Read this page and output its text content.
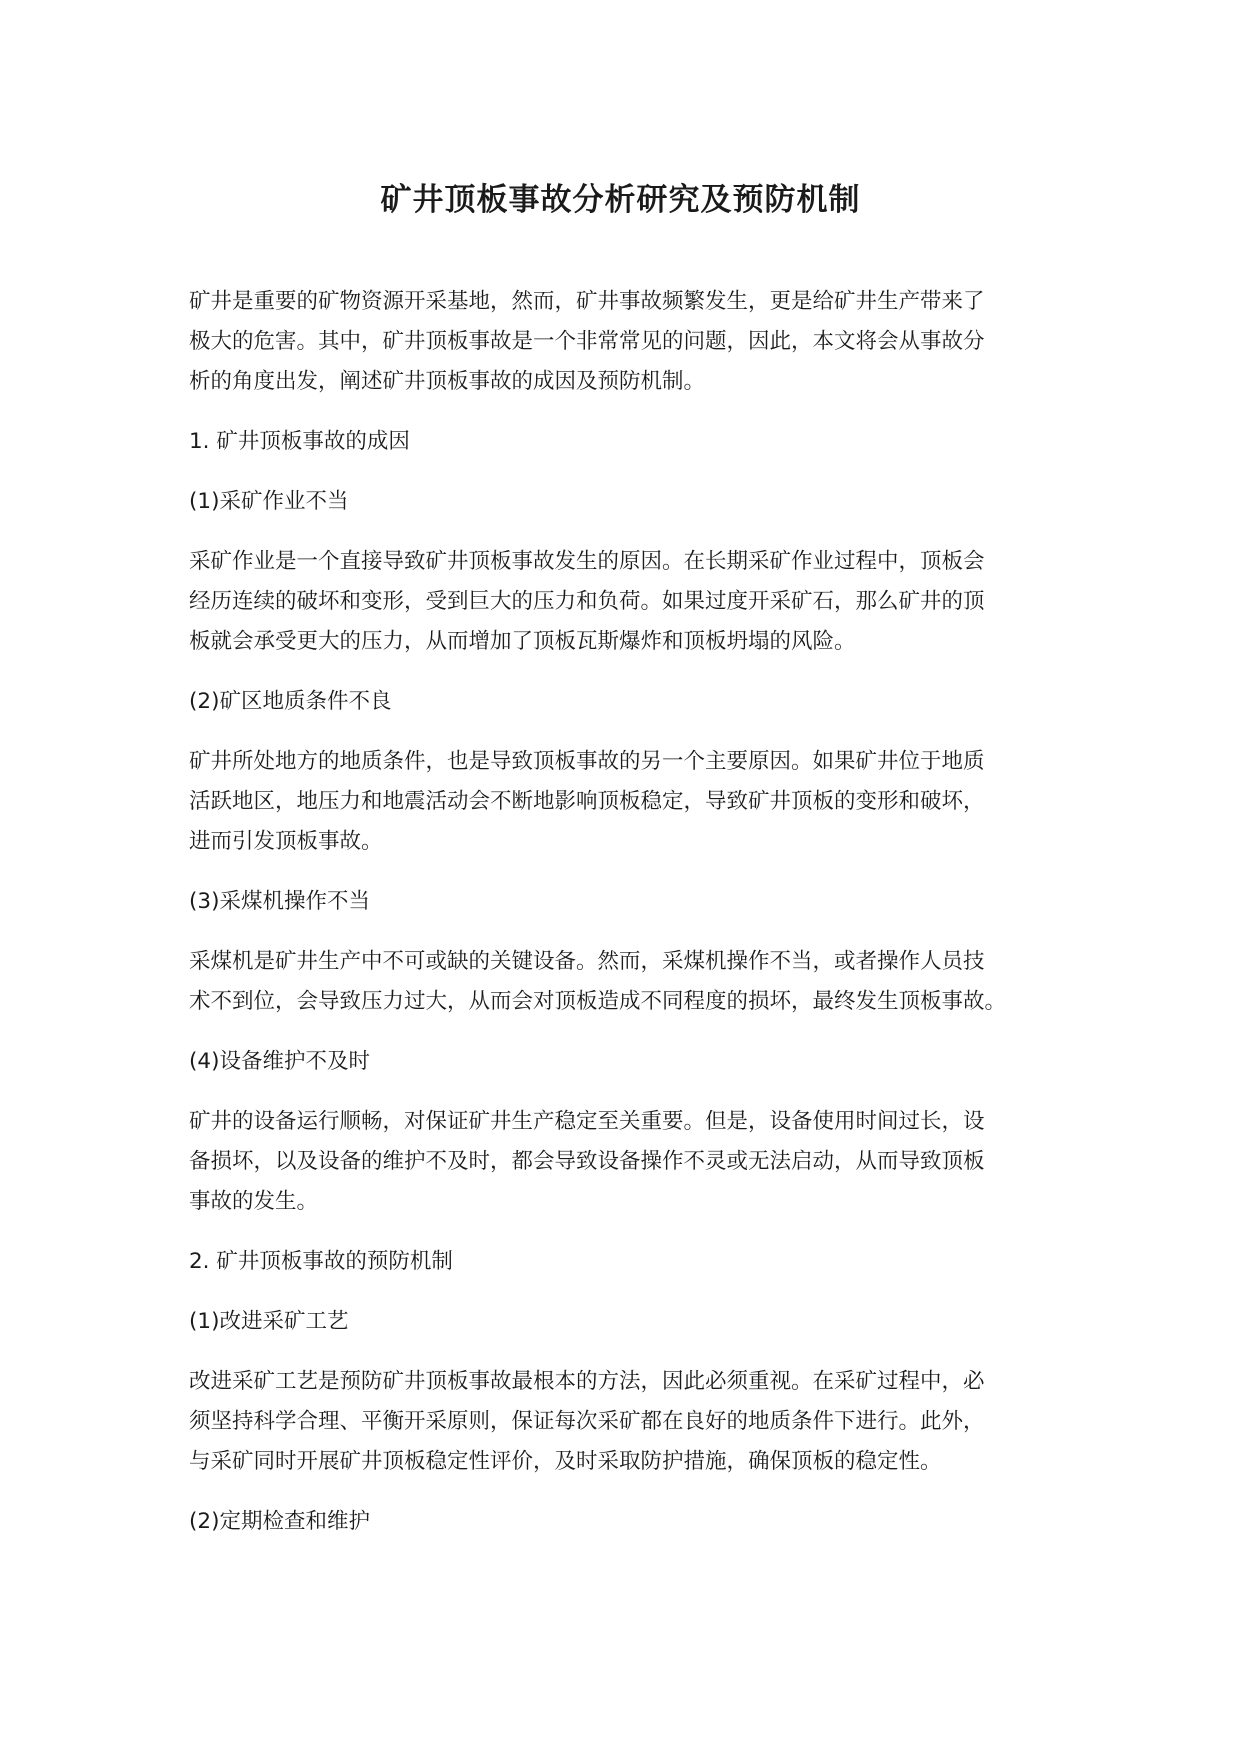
矿井顶板事故分析研究及预防机制

矿井是重要的矿物资源开采基地，然而，矿井事故频繁发生，更是给矿井生产带来了
极大的危害。其中，矿井顶板事故是一个非常常见的问题，因此，本文将会从事故分
析的角度出发，阐述矿井顶板事故的成因及预防机制。

1. 矿井顶板事故的成因

(1)采矿作业不当

采矿作业是一个直接导致矿井顶板事故发生的原因。在长期采矿作业过程中，顶板会
经历连续的破坏和变形，受到巨大的压力和负荷。如果过度开采矿石，那么矿井的顶
板就会承受更大的压力，从而增加了顶板瓦斯爆炸和顶板坍塌的风险。

(2)矿区地质条件不良

矿井所处地方的地质条件，也是导致顶板事故的另一个主要原因。如果矿井位于地质
活跃地区，地压力和地震活动会不断地影响顶板稳定，导致矿井顶板的变形和破坏，
进而引发顶板事故。

(3)采煤机操作不当

采煤机是矿井生产中不可或缺的关键设备。然而，采煤机操作不当，或者操作人员技
术不到位，会导致压力过大，从而会对顶板造成不同程度的损坏，最终发生顶板事故。

(4)设备维护不及时

矿井的设备运行顺畅，对保证矿井生产稳定至关重要。但是，设备使用时间过长，设
备损坏，以及设备的维护不及时，都会导致设备操作不灵或无法启动，从而导致顶板
事故的发生。

2. 矿井顶板事故的预防机制

(1)改进采矿工艺

改进采矿工艺是预防矿井顶板事故最根本的方法，因此必须重视。在采矿过程中，必
须坚持科学合理、平衡开采原则，保证每次采矿都在良好的地质条件下进行。此外，
与采矿同时开展矿井顶板稳定性评价，及时采取防护措施，确保顶板的稳定性。

(2)定期检查和维护
